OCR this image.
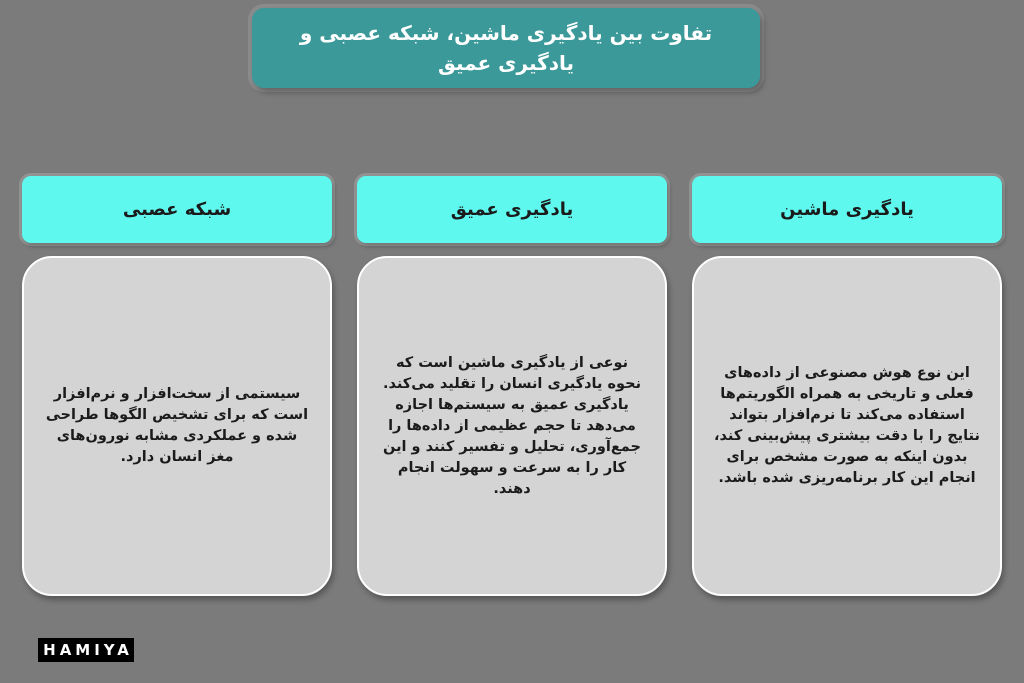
تفاوت بین یادگیری ماشین، شبکه عصبی و یادگیری عمیق
یادگیری ماشین
این نوع هوش مصنوعی از داده‌های فعلی و تاریخی به همراه الگوریتم‌ها استفاده می‌کند تا نرم‌افزار بتواند نتایج را با دقت بیشتری پیش‌بینی کند، بدون اینکه به صورت مشخص برای انجام این کار برنامه‌ریزی شده باشد.
یادگیری عمیق
نوعی از یادگیری ماشین است که نحوه یادگیری انسان را تقلید می‌کند. یادگیری عمیق به سیستم‌ها اجازه می‌دهد تا حجم عظیمی از داده‌ها را جمع‌آوری، تحلیل و تفسیر کنند و این کار را به سرعت و سهولت انجام دهند.
شبکه عصبی
سیستمی از سخت‌افزار و نرم‌افزار است که برای تشخیص الگوها طراحی شده و عملکردی مشابه نورون‌های مغز انسان دارد.
HAMIYA
